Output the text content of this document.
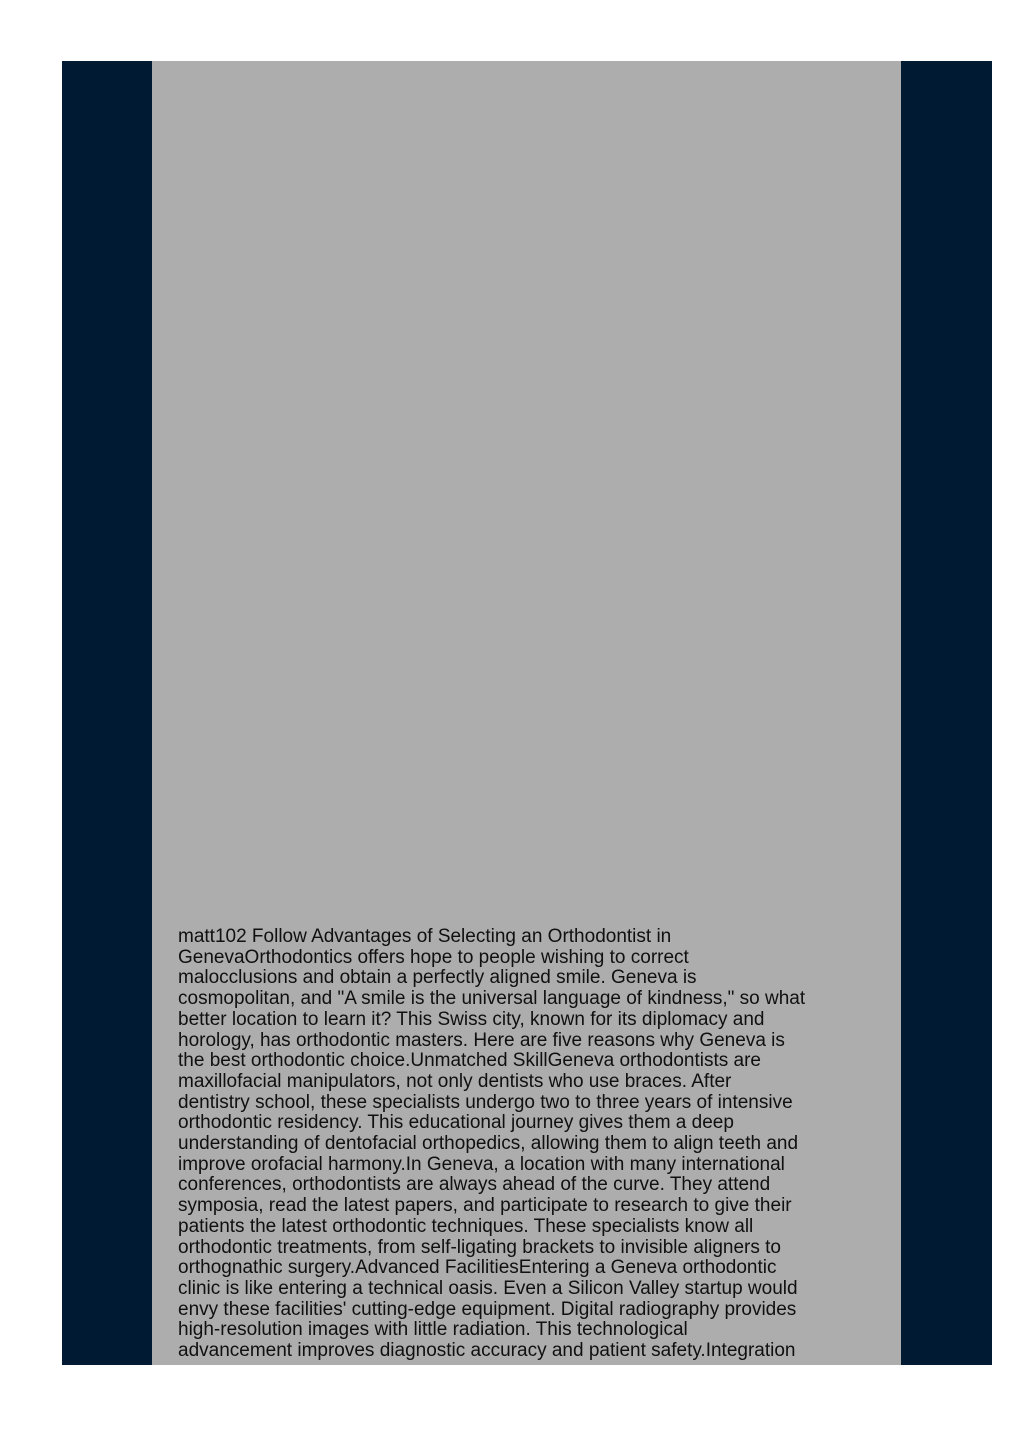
matt102 Follow Advantages of Selecting an Orthodontist in
GenevaOrthodontics offers hope to people wishing to correct
malocclusions and obtain a perfectly aligned smile. Geneva is
cosmopolitan, and "A smile is the universal language of kindness," so what
better location to learn it? This Swiss city, known for its diplomacy and
horology, has orthodontic masters. Here are five reasons why Geneva is
the best orthodontic choice.Unmatched SkillGeneva orthodontists are
maxillofacial manipulators, not only dentists who use braces. After
dentistry school, these specialists undergo two to three years of intensive
orthodontic residency. This educational journey gives them a deep
understanding of dentofacial orthopedics, allowing them to align teeth and
improve orofacial harmony.In Geneva, a location with many international
conferences, orthodontists are always ahead of the curve. They attend
symposia, read the latest papers, and participate to research to give their
patients the latest orthodontic techniques. These specialists know all
orthodontic treatments, from self-ligating brackets to invisible aligners to
orthognathic surgery.Advanced FacilitiesEntering a Geneva orthodontic
clinic is like entering a technical oasis. Even a Silicon Valley startup would
envy these facilities' cutting-edge equipment. Digital radiography provides
high-resolution images with little radiation. This technological
advancement improves diagnostic accuracy and patient safety.Integration
